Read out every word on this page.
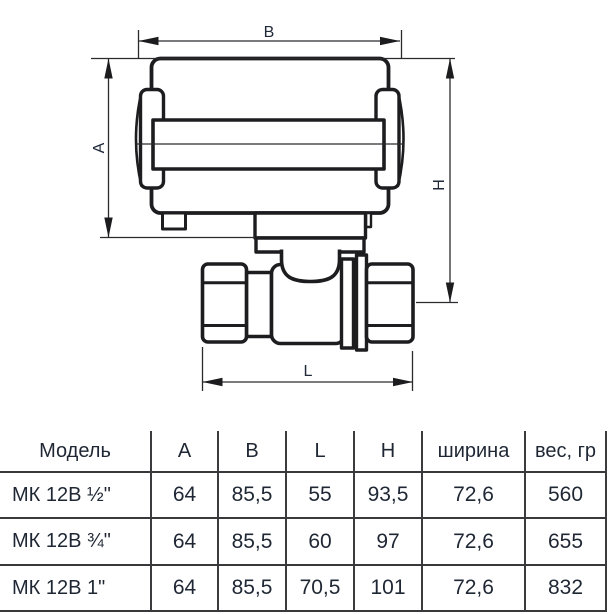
B
A
H
L
Модель	A	B	L	H	ширина	вес, гр
МК 12В ½"	64	85,5	55	93,5	72,6	560
МК 12В ¾"	64	85,5	60	97	72,6	655
МК 12В 1"	64	85,5	70,5	101	72,6	832
